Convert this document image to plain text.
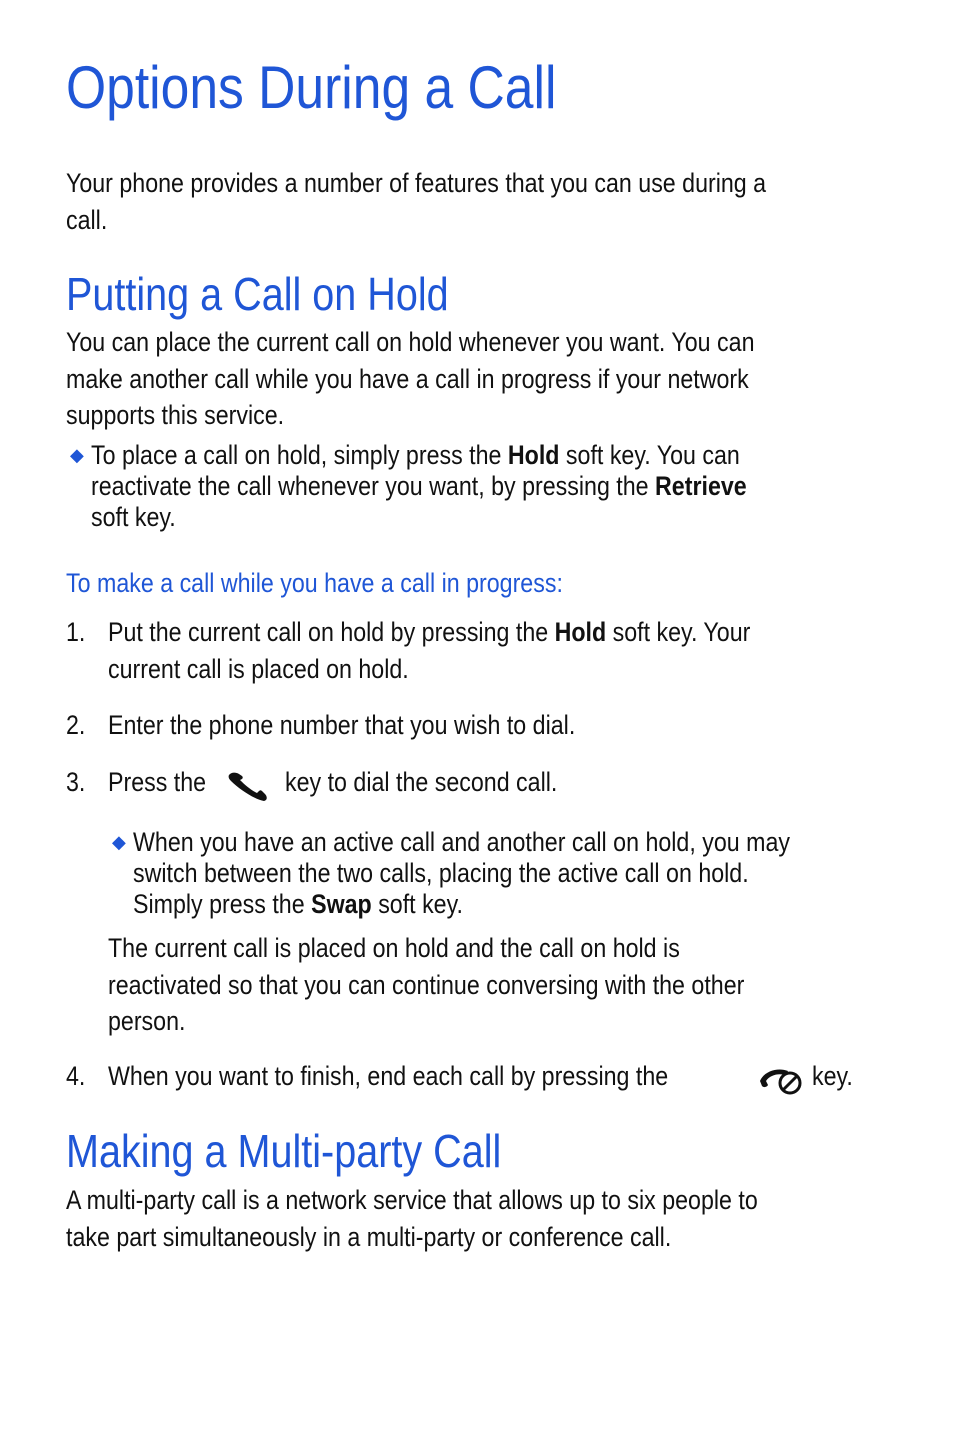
Options During a Call
Your phone provides a number of features that you can use during a
call.
Putting a Call on Hold
You can place the current call on hold whenever you want. You can
make another call while you have a call in progress if your network
supports this service.
◆ To place a call on hold, simply press the Hold soft key. You can
reactivate the call whenever you want, by pressing the Retrieve
soft key.
To make a call while you have a call in progress:
1. Put the current call on hold by pressing the Hold soft key. Your
current call is placed on hold.
2. Enter the phone number that you wish to dial.
3. Press the	key to dial the second call.
◆ When you have an active call and another call on hold, you may
switch between the two calls, placing the active call on hold.
Simply press the Swap soft key.
The current call is placed on hold and the call on hold is
reactivated so that you can continue conversing with the other
person.
4. When you want to finish, end each call by pressing the	key.
Making a Multi-party Call
A multi-party call is a network service that allows up to six people to
take part simultaneously in a multi-party or conference call.
